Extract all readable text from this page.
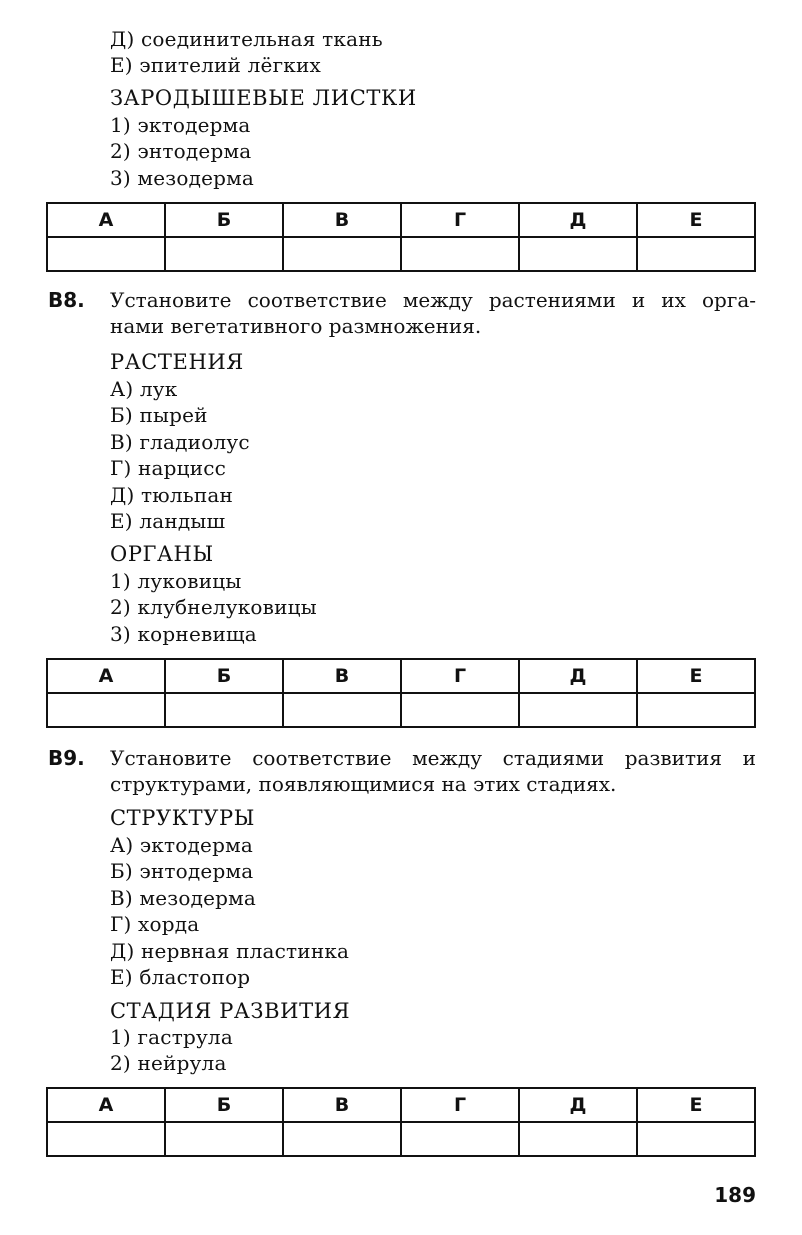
Д) соединительная ткань
Е) эпителий лёгких
ЗАРОДЫШЕВЫЕ ЛИСТКИ
1) эктодерма
2) энтодерма
3) мезодерма
А	Б	В	Г	Д	Е

В8. Установите соответствие между растениями и их орга-
нами вегетативного размножения.
РАСТЕНИЯ
А) лук
Б) пырей
В) гладиолус
Г) нарцисс
Д) тюльпан
Е) ландыш
ОРГАНЫ
1) луковицы
2) клубнелуковицы
3) корневища
А	Б	В	Г	Д	Е

В9. Установите соответствие между стадиями развития и
структурами, появляющимися на этих стадиях.
СТРУКТУРЫ
А) эктодерма
Б) энтодерма
В) мезодерма
Г) хорда
Д) нервная пластинка
Е) бластопор
СТАДИЯ РАЗВИТИЯ
1) гаструла
2) нейрула
А	Б	В	Г	Д	Е

189
